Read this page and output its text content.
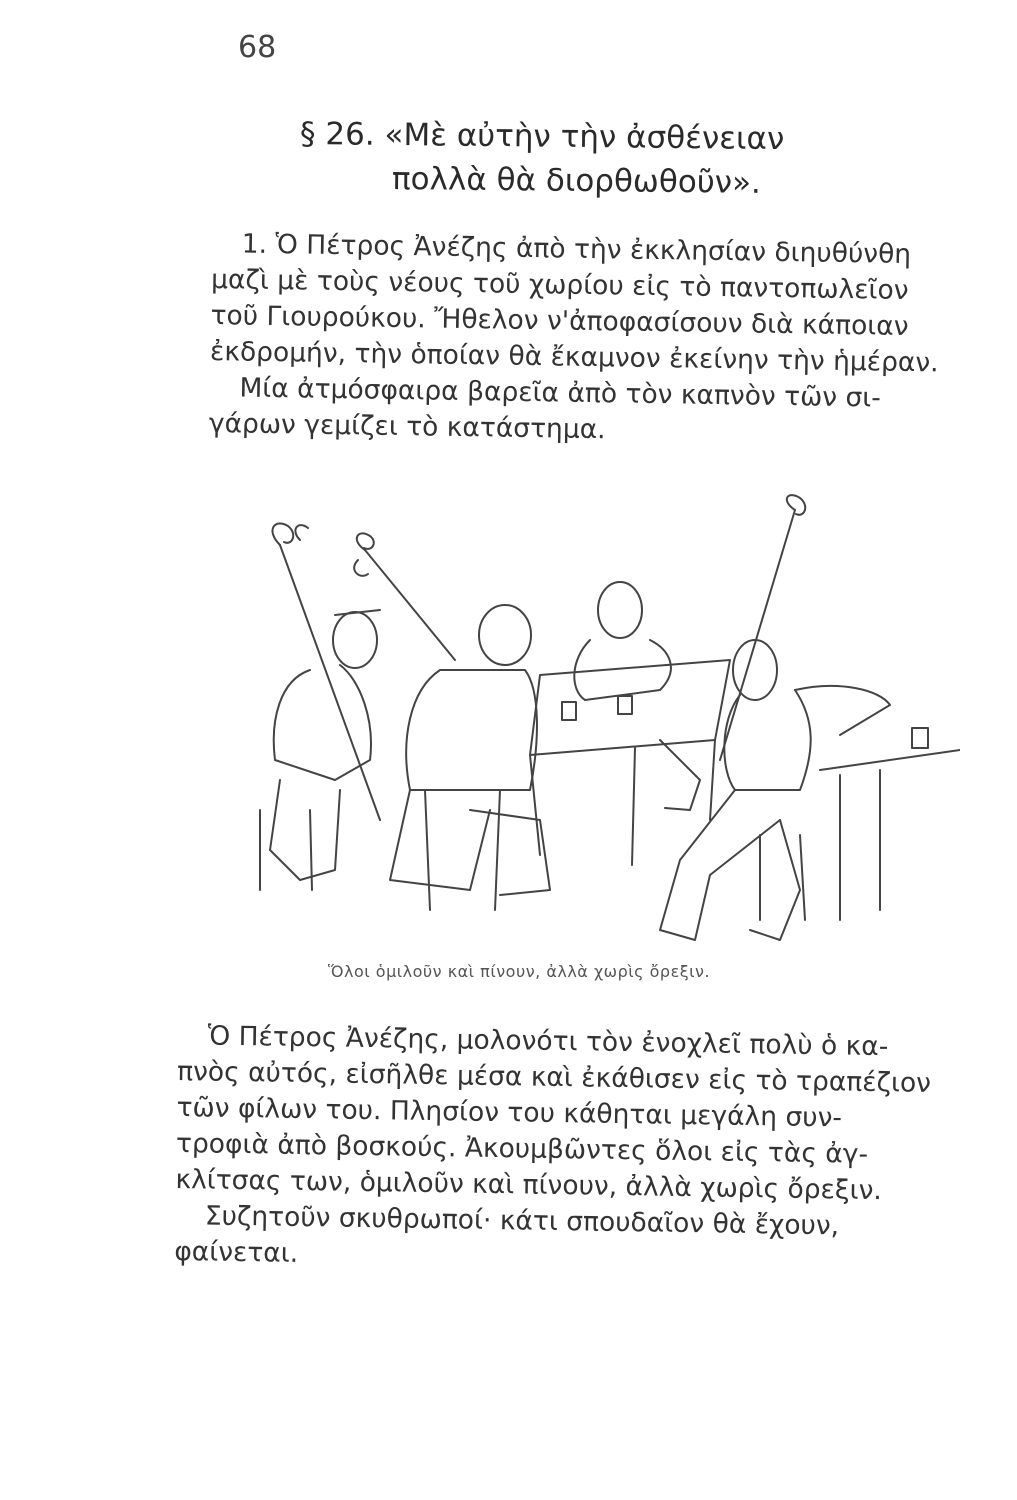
68
§ 26. «Μὲ αὐτὴν τὴν ἀσθένειαν
πολλὰ θὰ διορθωθοῦν».
1. Ὁ Πέτρος Ἀνέζης ἀπὸ τὴν ἐκκλησίαν διηυθύνθη
μαζὶ μὲ τοὺς νέους τοῦ χωρίου εἰς τὸ παντοπωλεῖον
τοῦ Γιουρούκου. Ἤθελον ν'ἀποφασίσουν διὰ κάποιαν
ἐκδρομήν, τὴν ὁποίαν θὰ ἔκαμνον ἐκείνην τὴν ἡμέραν.
Μία ἀτμόσφαιρα βαρεῖα ἀπὸ τὸν καπνὸν τῶν σι-
γάρων γεμίζει τὸ κατάστημα.
Ὅλοι ὁμιλοῦν καὶ πίνουν, ἀλλὰ χωρὶς ὄρεξιν.
Ὁ Πέτρος Ἀνέζης, μολονότι τὸν ἐνοχλεῖ πολὺ ὁ κα-
πνὸς αὐτός, εἰσῆλθε μέσα καὶ ἐκάθισεν εἰς τὸ τραπέζιον
τῶν φίλων του. Πλησίον του κάθηται μεγάλη συν-
τροφιὰ ἀπὸ βοσκούς. Ἀκουμβῶντες ὅλοι εἰς τὰς ἀγ-
κλίτσας των, ὁμιλοῦν καὶ πίνουν, ἀλλὰ χωρὶς ὄρεξιν.
Συζητοῦν σκυθρωποί· κάτι σπουδαῖον θὰ ἔχουν,
φαίνεται.
